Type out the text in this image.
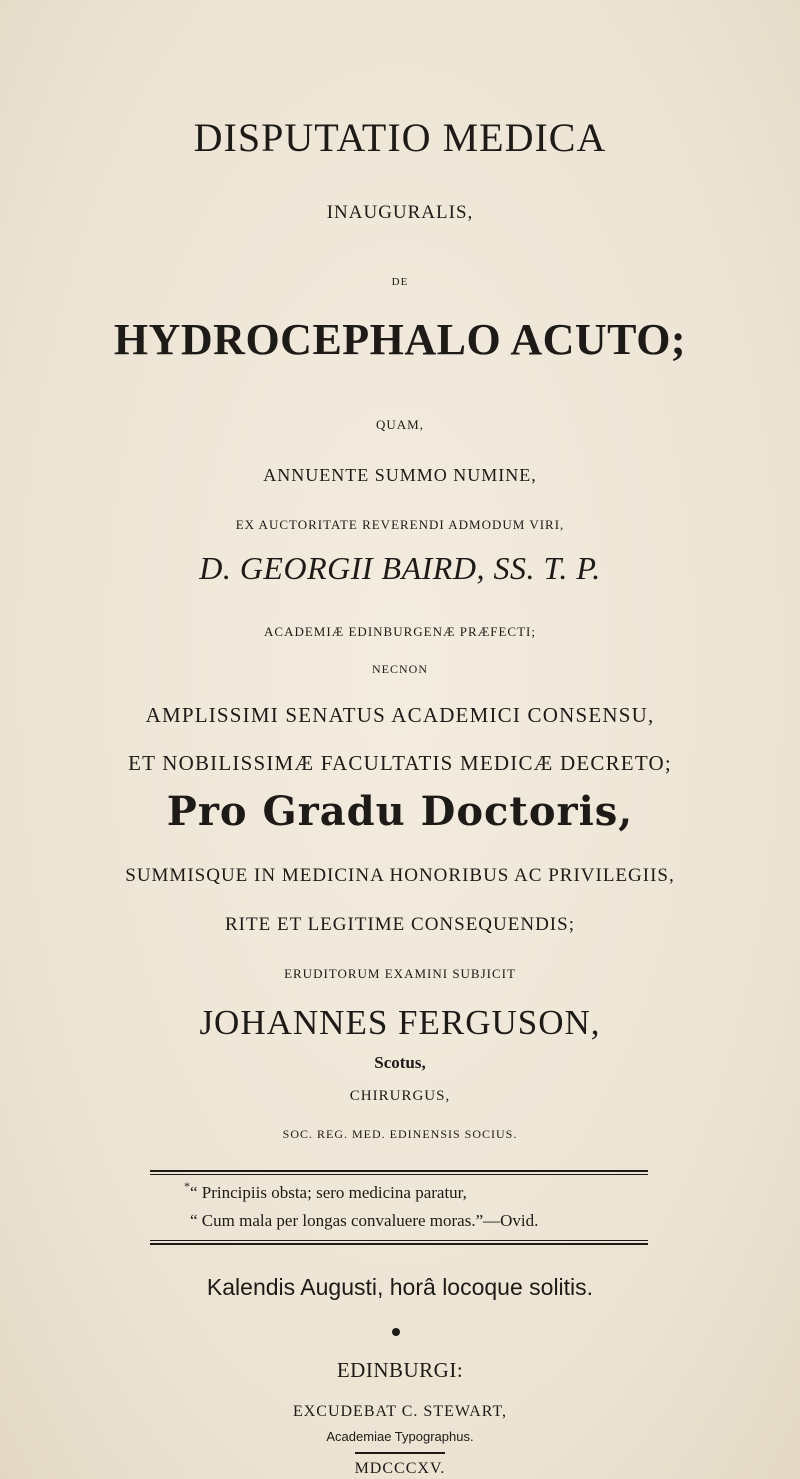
DISPUTATIO MEDICA
INAUGURALIS,
DE
HYDROCEPHALO ACUTO;
QUAM,
ANNUENTE SUMMO NUMINE,
EX AUCTORITATE REVERENDI ADMODUM VIRI,
D. GEORGII BAIRD, SS. T. P.
ACADEMIÆ EDINBURGENÆ PRÆFECTI;
NECNON
AMPLISSIMI SENATUS ACADEMICI CONSENSU,
ET NOBILISSIMÆ FACULTATIS MEDICÆ DECRETO;
Pro Gradu Doctoris,
SUMMISQUE IN MEDICINA HONORIBUS AC PRIVILEGIIS,
RITE ET LEGITIME CONSEQUENDIS;
ERUDITORUM EXAMINI SUBJICIT
JOHANNES FERGUSON,
Scotus,
CHIRURGUS,
SOC. REG. MED. EDINENSIS SOCIUS.
* “ Principiis obsta; sero medicina paratur,
“ Cum mala per longas convaluere moras.”—Ovid.
Kalendis Augusti, horâ locoque solitis.
EDINBURGI:
EXCUDEBAT C. STEWART,
Academiae Typographus.
MDCCCXV.
